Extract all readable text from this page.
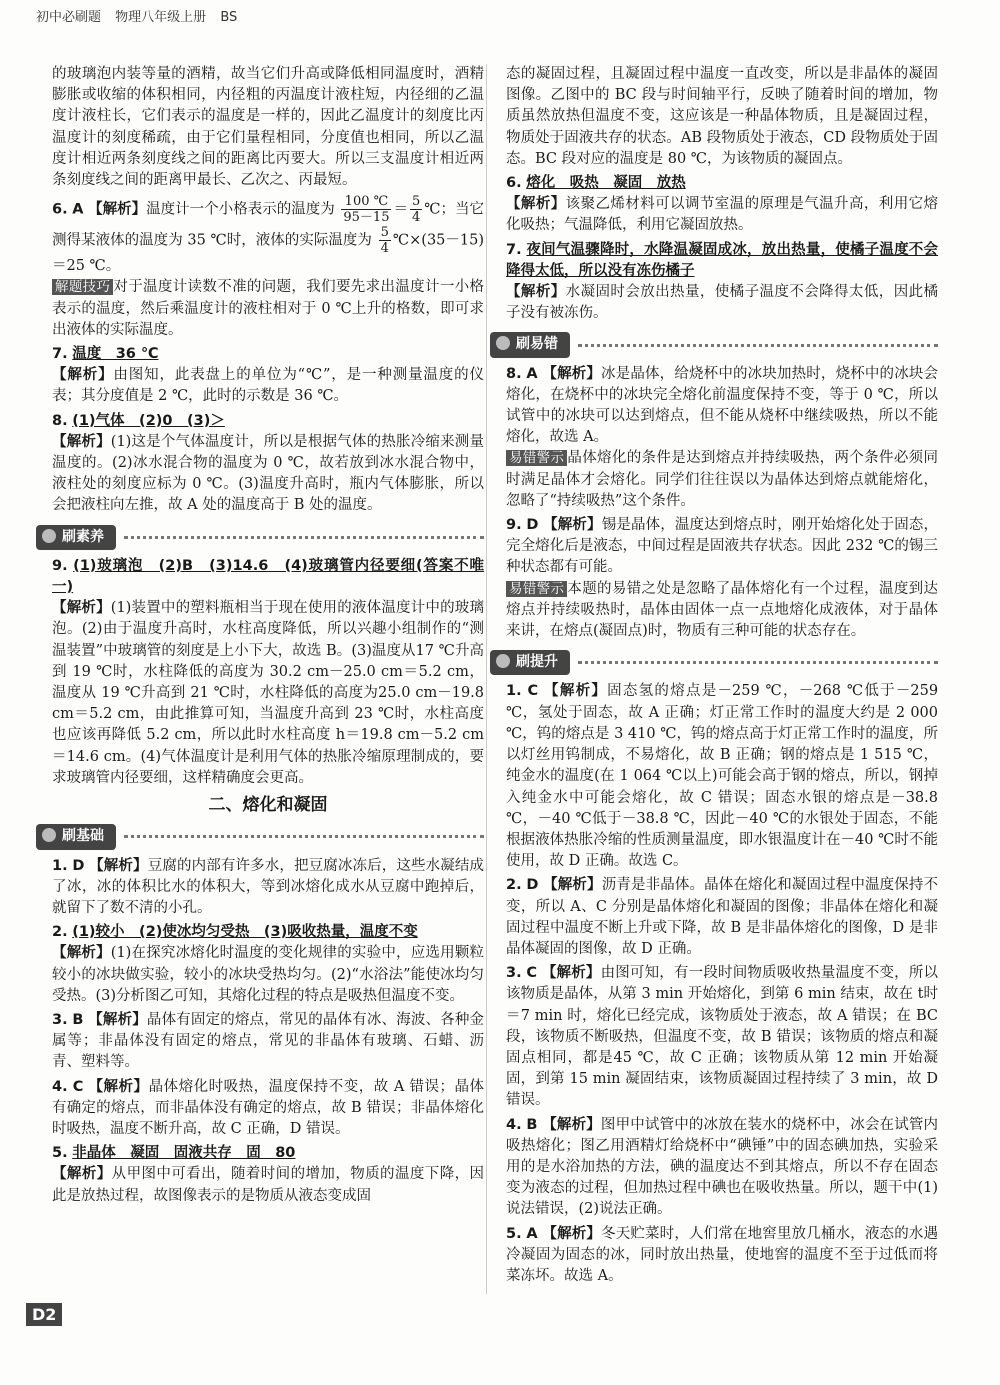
初中必刷题 物理八年级上册 BS

的玻璃泡内装等量的酒精，故当它们升高或降低相同温度时，酒精膨胀或收缩的体积相同，内径粗的丙温度计液柱短，内径细的乙温度计液柱长，它们表示的温度是一样的，因此乙温度计的刻度比丙温度计的刻度稀疏，由于它们量程相同，分度值也相同，所以乙温度计相近两条刻度线之间的距离比丙要大。所以三支温度计相近两条刻度线之间的距离甲最长、乙次之、丙最短。

6. A 【解析】温度计一个小格表示的温度为 $\frac{100 ℃}{95-15} = \frac{5}{4}$ ℃；当它测得某液体的温度为 35 ℃时，液体的实际温度为 $\frac{5}{4}$ ℃×(35－15)＝25 ℃。

解题技巧 对于温度计读数不准的问题，我们要先求出温度计一小格表示的温度，然后乘温度计的液柱相对于 0 ℃上升的格数，即可求出液体的实际温度。

7. 温度　36 ℃
【解析】由图知，此表盘上的单位为“℃”，是一种测量温度的仪表；其分度值是 2 ℃，此时的示数是 36 ℃。

8. (1)气体　(2)0　(3)＞
【解析】(1)这是个气体温度计，所以是根据气体的热胀冷缩来测量温度的。(2)冰水混合物的温度为 0 ℃，故若放到冰水混合物中，液柱处的刻度应标为 0 ℃。(3)温度升高时，瓶内气体膨胀，所以会把液柱向左推，故 A 处的温度高于 B 处的温度。

刷素养

9. (1)玻璃泡　(2)B　(3)14.6　(4)玻璃管内径要细(答案不唯一)
【解析】(1)装置中的塑料瓶相当于现在使用的液体温度计中的玻璃泡。(2)由于温度升高时，水柱高度降低，所以兴趣小组制作的“测温装置”中玻璃管的刻度是上小下大，故选 B。(3)温度从17 ℃升高到 19 ℃时，水柱降低的高度为 30.2 cm－25.0 cm＝5.2 cm，温度从 19 ℃升高到 21 ℃时，水柱降低的高度为25.0 cm－19.8 cm＝5.2 cm，由此推算可知，当温度升高到 23 ℃时，水柱高度也应该再降低 5.2 cm，所以此时水柱高度 h＝19.8 cm－5.2 cm＝14.6 cm。(4)气体温度计是利用气体的热胀冷缩原理制成的，要求玻璃管内径要细，这样精确度会更高。

二、熔化和凝固
刷基础

1. D 【解析】豆腐的内部有许多水，把豆腐冰冻后，这些水凝结成了冰，冰的体积比水的体积大，等到冰熔化成水从豆腐中跑掉后，就留下了数不清的小孔。

2. (1)较小　(2)使冰均匀受热　(3)吸收热量，温度不变
【解析】(1)在探究冰熔化时温度的变化规律的实验中，应选用颗粒较小的冰块做实验，较小的冰块受热均匀。(2)“水浴法”能使冰均匀受热。(3)分析图乙可知，其熔化过程的特点是吸热但温度不变。

3. B 【解析】晶体有固定的熔点，常见的晶体有冰、海波、各种金属等；非晶体没有固定的熔点，常见的非晶体有玻璃、石蜡、沥青、塑料等。

4. C 【解析】晶体熔化时吸热，温度保持不变，故 A 错误；晶体有确定的熔点，而非晶体没有确定的熔点，故 B 错误；非晶体熔化时吸热，温度不断升高，故 C 正确，D 错误。

5. 非晶体　凝固　固液共存　固　80
【解析】从甲图中可看出，随着时间的增加，物质的温度下降，因此是放热过程，故图像表示的是物质从液态变成固

态的凝固过程，且凝固过程中温度一直改变，所以是非晶体的凝固图像。乙图中的 BC 段与时间轴平行，反映了随着时间的增加，物质虽然放热但温度不变，这应该是一种晶体物质，且是凝固过程，物质处于固液共存的状态。AB 段物质处于液态，CD 段物质处于固态。BC 段对应的温度是 80 ℃，为该物质的凝固点。

6. 熔化　吸热　凝固　放热
【解析】该聚乙烯材料可以调节室温的原理是气温升高，利用它熔化吸热；气温降低，利用它凝固放热。

7. 夜间气温骤降时，水降温凝固成冰，放出热量，使橘子温度不会降得太低，所以没有冻伤橘子
【解析】水凝固时会放出热量，使橘子温度不会降得太低，因此橘子没有被冻伤。

刷易错

8. A 【解析】冰是晶体，给烧杯中的冰块加热时，烧杯中的冰块会熔化，在烧杯中的冰块完全熔化前温度保持不变，等于 0 ℃，所以试管中的冰块可以达到熔点，但不能从烧杯中继续吸热，所以不能熔化，故选 A。

易错警示 晶体熔化的条件是达到熔点并持续吸热，两个条件必须同时满足晶体才会熔化。同学们往往误以为晶体达到熔点就能熔化，忽略了“持续吸热”这个条件。

9. D 【解析】锡是晶体，温度达到熔点时，刚开始熔化处于固态，完全熔化后是液态，中间过程是固液共存状态。因此 232 ℃的锡三种状态都有可能。

易错警示 本题的易错之处是忽略了晶体熔化有一个过程，温度到达熔点并持续吸热时，晶体由固体一点一点地熔化成液体，对于晶体来讲，在熔点(凝固点)时，物质有三种可能的状态存在。

刷提升

1. C 【解析】固态氢的熔点是－259 ℃，－268 ℃低于－259 ℃，氢处于固态，故 A 正确；灯正常工作时的温度大约是 2 000 ℃，钨的熔点是 3 410 ℃，钨的熔点高于灯正常工作时的温度，所以灯丝用钨制成，不易熔化，故 B 正确；钢的熔点是 1 515 ℃，纯金水的温度(在 1 064 ℃以上)可能会高于钢的熔点，所以，钢掉入纯金水中可能会熔化，故 C 错误；固态水银的熔点是－38.8 ℃，－40 ℃低于－38.8 ℃，因此－40 ℃的水银处于固态，不能根据液体热胀冷缩的性质测量温度，即水银温度计在－40 ℃时不能使用，故 D 正确。故选 C。

2. D 【解析】沥青是非晶体。晶体在熔化和凝固过程中温度保持不变，所以 A、C 分别是晶体熔化和凝固的图像；非晶体在熔化和凝固过程中温度不断上升或下降，故 B 是非晶体熔化的图像，D 是非晶体凝固的图像，故 D 正确。

3. C 【解析】由图可知，有一段时间物质吸收热量温度不变，所以该物质是晶体，从第 3 min 开始熔化，到第 6 min 结束，故在 t时＝7 min 时，熔化已经完成，该物质处于液态，故 A 错误；在 BC 段，该物质不断吸热，但温度不变，故 B 错误；该物质的熔点和凝固点相同，都是45 ℃，故 C 正确；该物质从第 12 min 开始凝固，到第 15 min 凝固结束，该物质凝固过程持续了 3 min，故 D 错误。

4. B 【解析】图甲中试管中的冰放在装水的烧杯中，冰会在试管内吸热熔化；图乙用酒精灯给烧杯中“碘锤”中的固态碘加热，实验采用的是水浴加热的方法，碘的温度达不到其熔点，所以不存在固态变为液态的过程，但加热过程中碘也在吸收热量。所以，题干中(1)说法错误，(2)说法正确。

5. A 【解析】冬天贮菜时，人们常在地窖里放几桶水，液态的水遇冷凝固为固态的冰，同时放出热量，使地窖的温度不至于过低而将菜冻坏。故选 A。

D2
